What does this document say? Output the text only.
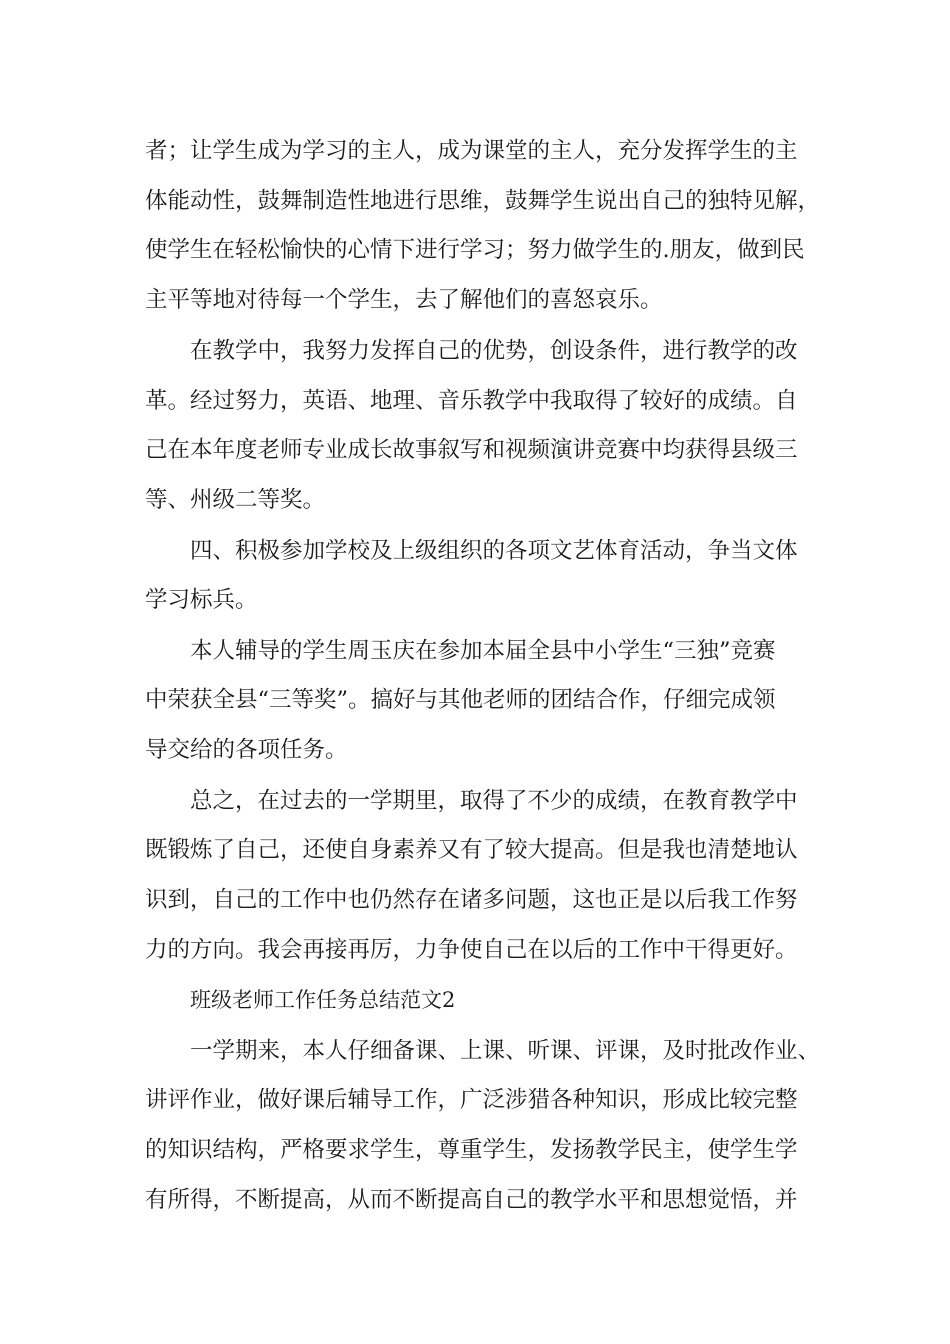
者；让学生成为学习的主人，成为课堂的主人，充分发挥学生的主
体能动性，鼓舞制造性地进行思维，鼓舞学生说出自己的独特见解，
使学生在轻松愉快的心情下进行学习；努力做学生的.朋友，做到民
主平等地对待每一个学生，去了解他们的喜怒哀乐。
在教学中，我努力发挥自己的优势，创设条件，进行教学的改
革。经过努力，英语、地理、音乐教学中我取得了较好的成绩。自
己在本年度老师专业成长故事叙写和视频演讲竞赛中均获得县级三
等、州级二等奖。
四、积极参加学校及上级组织的各项文艺体育活动，争当文体
学习标兵。
本人辅导的学生周玉庆在参加本届全县中小学生“三独”竞赛
中荣获全县“三等奖”。搞好与其他老师的团结合作，仔细完成领
导交给的各项任务。
总之，在过去的一学期里，取得了不少的成绩，在教育教学中
既锻炼了自己，还使自身素养又有了较大提高。但是我也清楚地认
识到，自己的工作中也仍然存在诸多问题，这也正是以后我工作努
力的方向。我会再接再厉，力争使自己在以后的工作中干得更好。
班级老师工作任务总结范文2
一学期来，本人仔细备课、上课、听课、评课，及时批改作业、
讲评作业，做好课后辅导工作，广泛涉猎各种知识，形成比较完整
的知识结构，严格要求学生，尊重学生，发扬教学民主，使学生学
有所得，不断提高，从而不断提高自己的教学水平和思想觉悟，并
